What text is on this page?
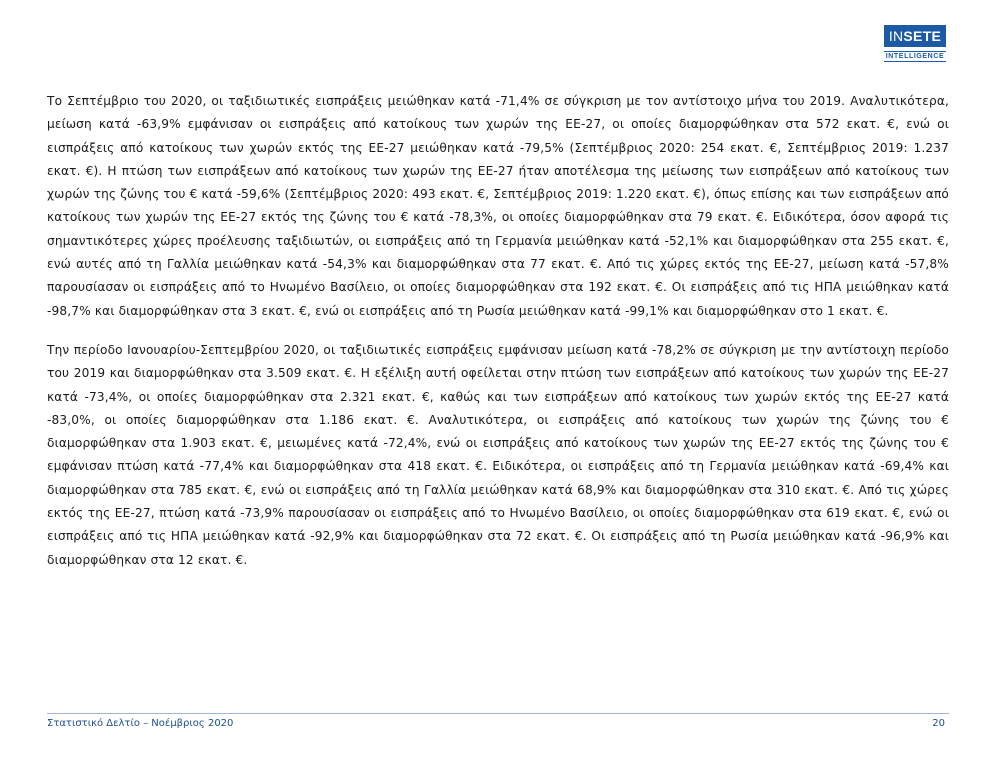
INSETE
INTELLIGENCE

Το Σεπτέμβριο του 2020, οι ταξιδιωτικές εισπράξεις μειώθηκαν κατά -71,4% σε σύγκριση με τον αντίστοιχο μήνα του 2019. Αναλυτικότερα, μείωση κατά -63,9% εμφάνισαν οι εισπράξεις από κατοίκους των χωρών της ΕΕ-27, οι οποίες διαμορφώθηκαν στα 572 εκατ. €, ενώ οι εισπράξεις από κατοίκους των χωρών εκτός της ΕΕ-27 μειώθηκαν κατά -79,5% (Σεπτέμβριος 2020: 254 εκατ. €, Σεπτέμβριος 2019: 1.237 εκατ. €). Η πτώση των εισπράξεων από κατοίκους των χωρών της ΕΕ-27 ήταν αποτέλεσμα της μείωσης των εισπράξεων από κατοίκους των χωρών της ζώνης του € κατά -59,6% (Σεπτέμβριος 2020: 493 εκατ. €, Σεπτέμβριος 2019: 1.220 εκατ. €), όπως επίσης και των εισπράξεων από κατοίκους των χωρών της ΕΕ-27 εκτός της ζώνης του € κατά -78,3%, οι οποίες διαμορφώθηκαν στα 79 εκατ. €. Ειδικότερα, όσον αφορά τις σημαντικότερες χώρες προέλευσης ταξιδιωτών, οι εισπράξεις από τη Γερμανία μειώθηκαν κατά -52,1% και διαμορφώθηκαν στα 255 εκατ. €, ενώ αυτές από τη Γαλλία μειώθηκαν κατά -54,3% και διαμορφώθηκαν στα 77 εκατ. €. Από τις χώρες εκτός της ΕΕ-27, μείωση κατά -57,8% παρουσίασαν οι εισπράξεις από το Ηνωμένο Βασίλειο, οι οποίες διαμορφώθηκαν στα 192 εκατ. €. Οι εισπράξεις από τις ΗΠΑ μειώθηκαν κατά -98,7% και διαμορφώθηκαν στα 3 εκατ. €, ενώ οι εισπράξεις από τη Ρωσία μειώθηκαν κατά -99,1% και διαμορφώθηκαν στο 1 εκατ. €.

Την περίοδο Ιανουαρίου-Σεπτεμβρίου 2020, οι ταξιδιωτικές εισπράξεις εμφάνισαν μείωση κατά -78,2% σε σύγκριση με την αντίστοιχη περίοδο του 2019 και διαμορφώθηκαν στα 3.509 εκατ. €. Η εξέλιξη αυτή οφείλεται στην πτώση των εισπράξεων από κατοίκους των χωρών της ΕΕ-27 κατά -73,4%, οι οποίες διαμορφώθηκαν στα 2.321 εκατ. €, καθώς και των εισπράξεων από κατοίκους των χωρών εκτός της ΕΕ-27 κατά -83,0%, οι οποίες διαμορφώθηκαν στα 1.186 εκατ. €. Αναλυτικότερα, οι εισπράξεις από κατοίκους των χωρών της ζώνης του € διαμορφώθηκαν στα 1.903 εκατ. €, μειωμένες κατά -72,4%, ενώ οι εισπράξεις από κατοίκους των χωρών της ΕΕ-27 εκτός της ζώνης του € εμφάνισαν πτώση κατά -77,4% και διαμορφώθηκαν στα 418 εκατ. €. Ειδικότερα, οι εισπράξεις από τη Γερμανία μειώθηκαν κατά -69,4% και διαμορφώθηκαν στα 785 εκατ. €, ενώ οι εισπράξεις από τη Γαλλία μειώθηκαν κατά 68,9% και διαμορφώθηκαν στα 310 εκατ. €. Από τις χώρες εκτός της ΕΕ-27, πτώση κατά -73,9% παρουσίασαν οι εισπράξεις από το Ηνωμένο Βασίλειο, οι οποίες διαμορφώθηκαν στα 619 εκατ. €, ενώ οι εισπράξεις από τις ΗΠΑ μειώθηκαν κατά -92,9% και διαμορφώθηκαν στα 72 εκατ. €. Οι εισπράξεις από τη Ρωσία μειώθηκαν κατά -96,9% και διαμορφώθηκαν στα 12 εκατ. €.

Στατιστικό Δελτίο – Νοέμβριος 2020	20
